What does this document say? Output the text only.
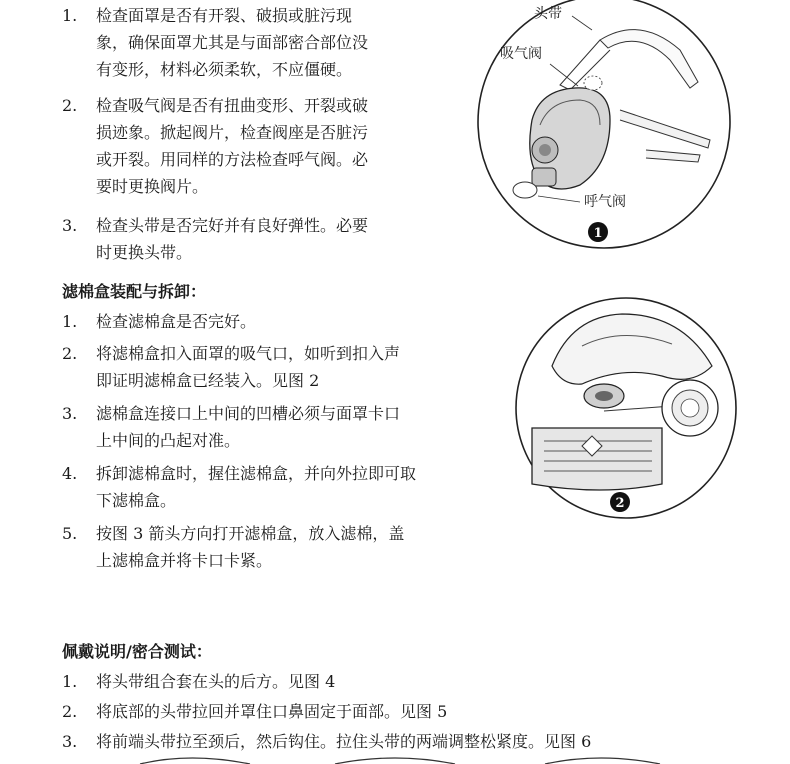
1.	检查面罩是否有开裂、破损或脏污现
象，确保面罩尤其是与面部密合部位没
有变形，材料必须柔软，不应僵硬。
2.	检查吸气阀是否有扭曲变形、开裂或破
损迹象。掀起阀片，检查阀座是否脏污
或开裂。用同样的方法检查呼气阀。必
要时更换阀片。
3.	检查头带是否完好并有良好弹性。必要
时更换头带。
滤棉盒装配与拆卸：
1.	检查滤棉盒是否完好。
2.	将滤棉盒扣入面罩的吸气口，如听到扣入声
即证明滤棉盒已经装入。见图 2
3.	滤棉盒连接口上中间的凹槽必须与面罩卡口
上中间的凸起对准。
4.	拆卸滤棉盒时，握住滤棉盒，并向外拉即可取
下滤棉盒。
5.	按图 3 箭头方向打开滤棉盒，放入滤棉，盖
上滤棉盒并将卡口卡紧。
佩戴说明/密合测试：
1.	将头带组合套在头的后方。见图 4
2.	将底部的头带拉回并罩住口鼻固定于面部。见图 5
3.	将前端头带拉至颈后，然后钩住。拉住头带的两端调整松紧度。见图 6
头带
吸气阀
呼气阀
1
2
